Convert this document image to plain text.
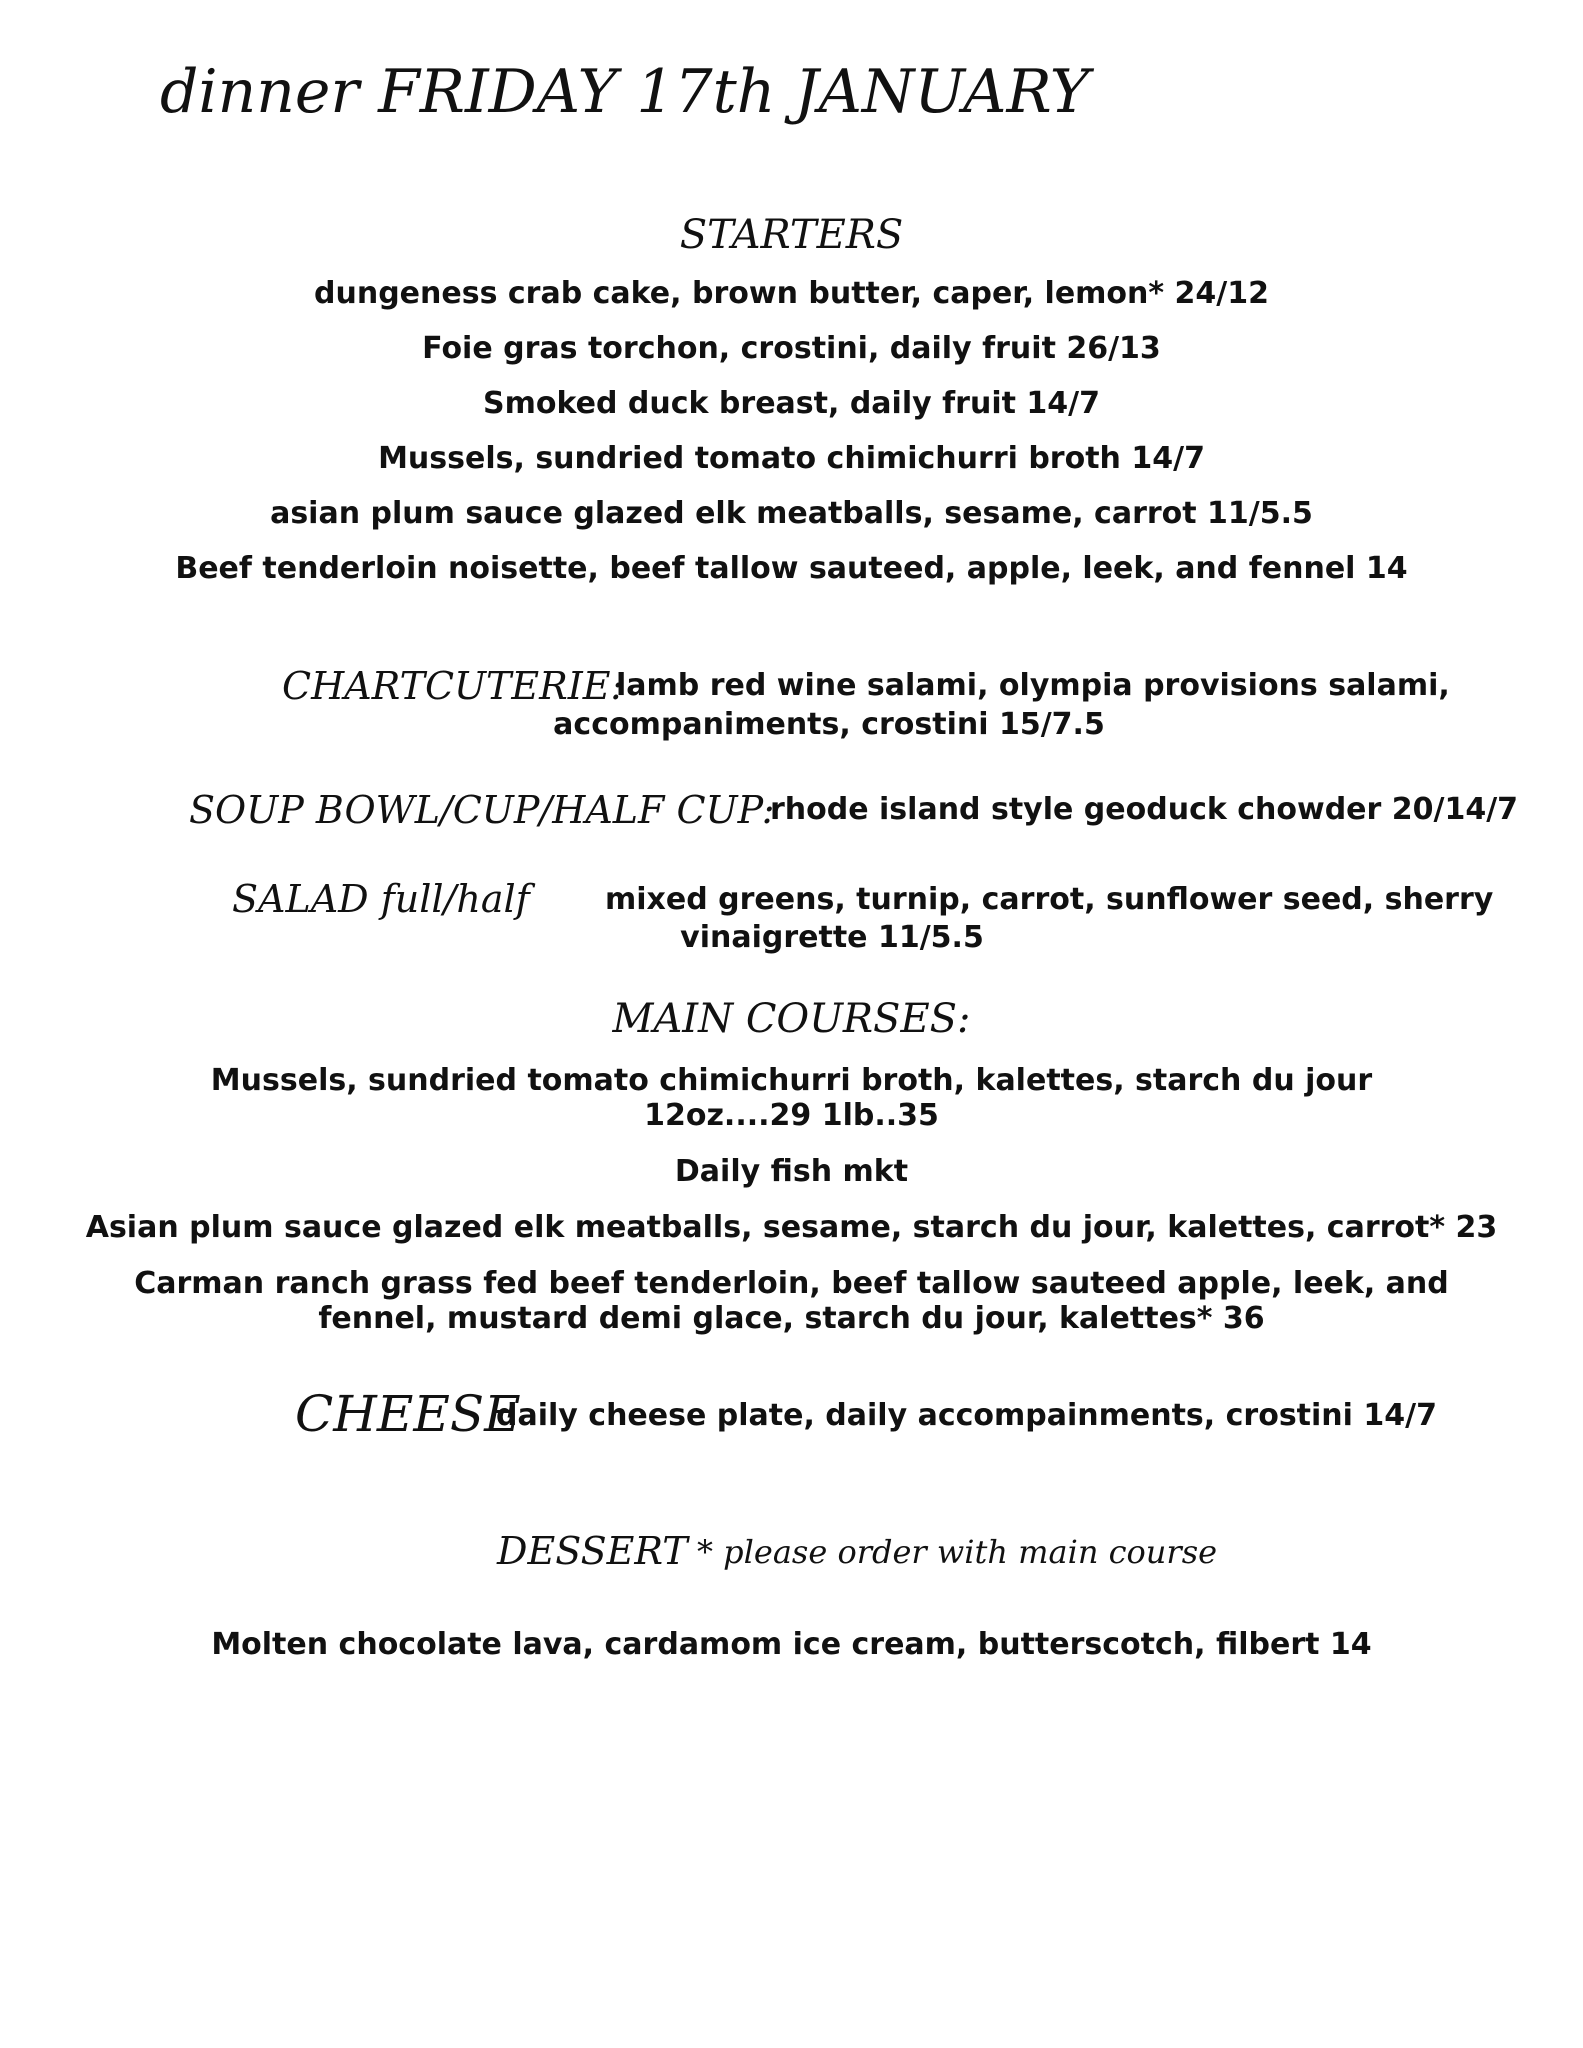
dinner FRIDAY 17th JANUARY
STARTERS
dungeness crab cake, brown butter, caper, lemon* 24/12
Foie gras torchon, crostini, daily fruit 26/13
Smoked duck breast, daily fruit 14/7
Mussels, sundried tomato chimichurri broth 14/7
asian plum sauce glazed elk meatballs, sesame, carrot 11/5.5
Beef tenderloin noisette, beef tallow sauteed, apple, leek, and fennel 14
CHARTCUTERIE:
lamb red wine salami, olympia provisions salami,
accompaniments, crostini 15/7.5
SOUP BOWL/CUP/HALF CUP:
rhode island style geoduck chowder 20/14/7
SALAD full/half	mixed greens, turnip, carrot, sunflower seed, sherry
vinaigrette 11/5.5
MAIN COURSES:
Mussels, sundried tomato chimichurri broth, kalettes, starch du jour
12oz....29 1lb..35
Daily fish mkt
Asian plum sauce glazed elk meatballs, sesame, starch du jour, kalettes, carrot* 23
Carman ranch grass fed beef tenderloin, beef tallow sauteed apple, leek, and
fennel, mustard demi glace, starch du jour, kalettes* 36
CHEESE
daily cheese plate, daily accompainments, crostini 14/7
DESSERT * please order with main course
Molten chocolate lava, cardamom ice cream, butterscotch, filbert 14
